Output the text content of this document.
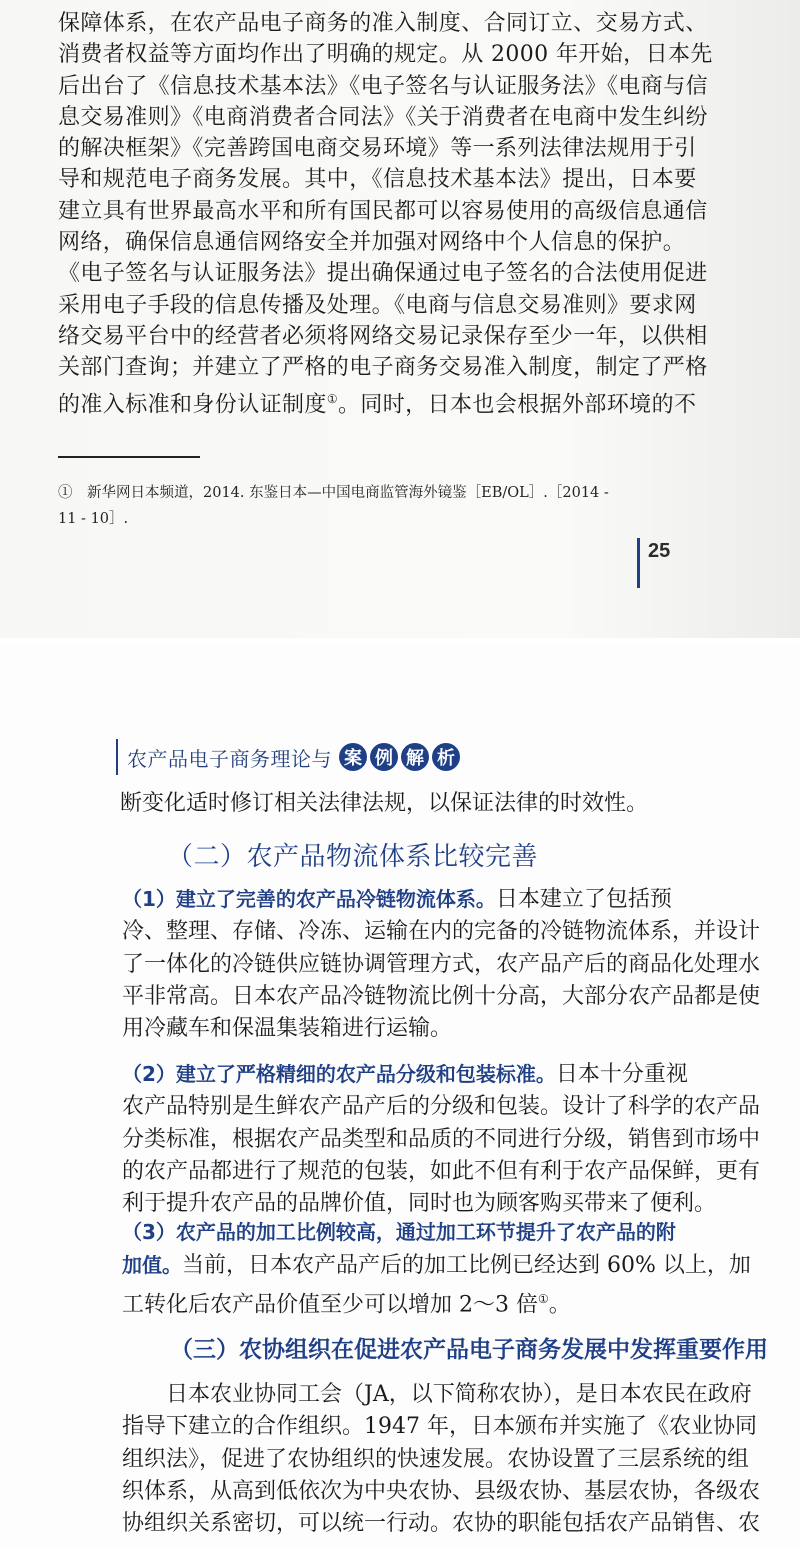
保障体系，在农产品电子商务的准入制度、合同订立、交易方式、
消费者权益等方面均作出了明确的规定。从 2000 年开始，日本先
后出台了《信息技术基本法》《电子签名与认证服务法》《电商与信
息交易准则》《电商消费者合同法》《关于消费者在电商中发生纠纷
的解决框架》《完善跨国电商交易环境》等一系列法律法规用于引
导和规范电子商务发展。其中，《信息技术基本法》提出，日本要
建立具有世界最高水平和所有国民都可以容易使用的高级信息通信
网络，确保信息通信网络安全并加强对网络中个人信息的保护。
《电子签名与认证服务法》提出确保通过电子签名的合法使用促进
采用电子手段的信息传播及处理。《电商与信息交易准则》要求网
络交易平台中的经营者必须将网络交易记录保存至少一年，以供相
关部门查询；并建立了严格的电子商务交易准入制度，制定了严格
的准入标准和身份认证制度①。同时，日本也会根据外部环境的不
①　新华网日本频道，2014. 东鉴日本—中国电商监管海外镜鉴［EB/OL］.［2014 -
11 - 10］.
25
农产品电子商务理论与 案 例 解 析
断变化适时修订相关法律法规，以保证法律的时效性。
（二）农产品物流体系比较完善
（1）建立了完善的农产品冷链物流体系。日本建立了包括预
冷、整理、存储、冷冻、运输在内的完备的冷链物流体系，并设计
了一体化的冷链供应链协调管理方式，农产品产后的商品化处理水
平非常高。日本农产品冷链物流比例十分高，大部分农产品都是使
用冷藏车和保温集装箱进行运输。
（2）建立了严格精细的农产品分级和包装标准。日本十分重视
农产品特别是生鲜农产品产后的分级和包装。设计了科学的农产品
分类标准，根据农产品类型和品质的不同进行分级，销售到市场中
的农产品都进行了规范的包装，如此不但有利于农产品保鲜，更有
利于提升农产品的品牌价值，同时也为顾客购买带来了便利。
（3）农产品的加工比例较高，通过加工环节提升了农产品的附
加值。当前，日本农产品产后的加工比例已经达到 60% 以上，加
工转化后农产品价值至少可以增加 2～3 倍①。
（三）农协组织在促进农产品电子商务发展中发挥重要作用
　　日本农业协同工会（JA，以下简称农协），是日本农民在政府
指导下建立的合作组织。1947 年，日本颁布并实施了《农业协同
组织法》，促进了农协组织的快速发展。农协设置了三层系统的组
织体系，从高到低依次为中央农协、县级农协、基层农协，各级农
协组织关系密切，可以统一行动。农协的职能包括农产品销售、农
